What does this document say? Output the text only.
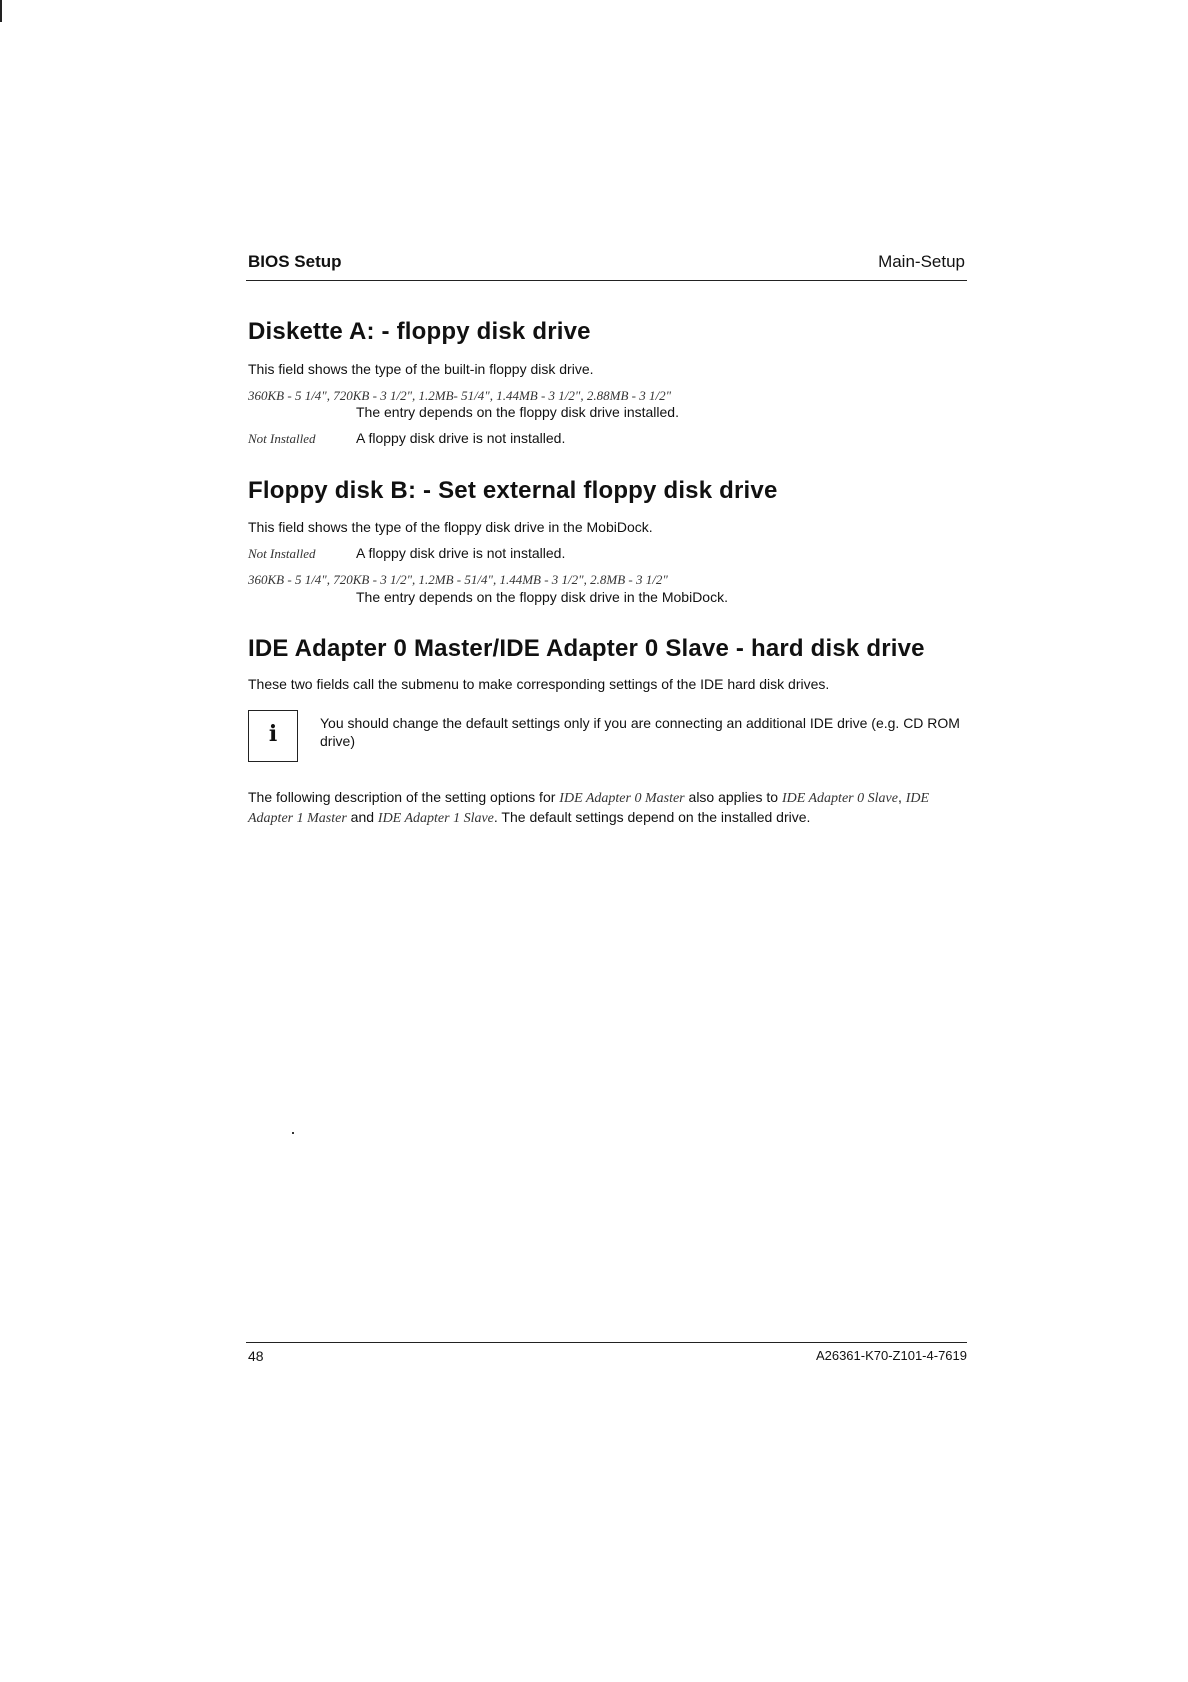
BIOS Setup	Main-Setup
Diskette A: - floppy disk drive
This field shows the type of the built-in floppy disk drive.
360KB - 5 1/4", 720KB - 3 1/2", 1.2MB- 51/4", 1.44MB - 3 1/2", 2.88MB - 3 1/2"
The entry depends on the floppy disk drive installed.
Not Installed	A floppy disk drive is not installed.
Floppy disk B: - Set external floppy disk drive
This field shows the type of the floppy disk drive in the MobiDock.
Not Installed	A floppy disk drive is not installed.
360KB - 5 1/4", 720KB - 3 1/2", 1.2MB - 51/4", 1.44MB - 3 1/2", 2.8MB - 3 1/2"
The entry depends on the floppy disk drive in the MobiDock.
IDE Adapter 0 Master/IDE Adapter 0 Slave - hard disk drive
These two fields call the submenu to make corresponding settings of the IDE hard disk drives.
i	You should change the default settings only if you are connecting an additional IDE drive (e.g. CD ROM drive)
The following description of the setting options for IDE Adapter 0 Master also applies to IDE Adapter 0 Slave, IDE Adapter 1 Master and IDE Adapter 1 Slave. The default settings depend on the installed drive.
48	A26361-K70-Z101-4-7619
